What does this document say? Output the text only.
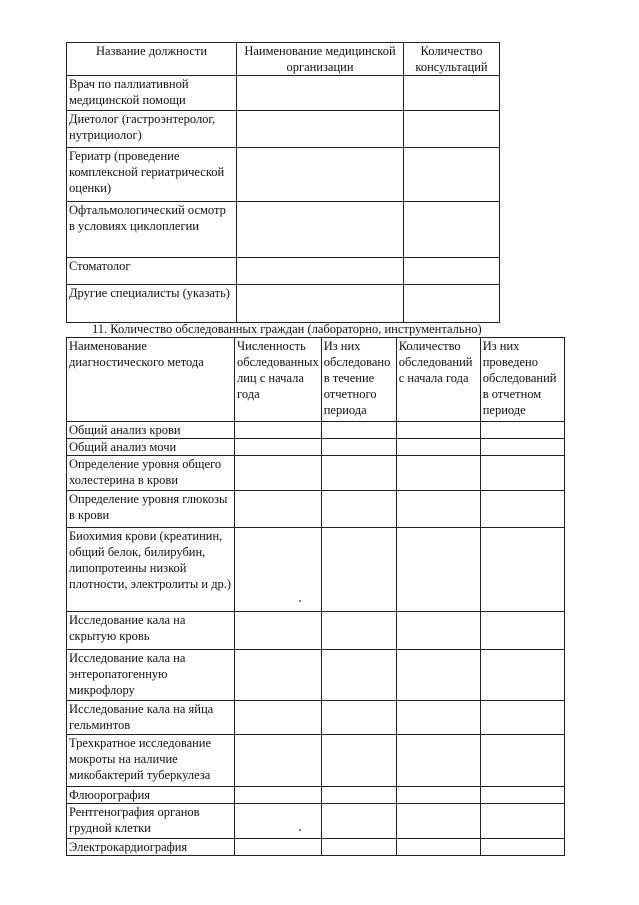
Название должности	Наименование медицинской организации	Количество консультаций
Врач по паллиативной медицинской помощи		
Диетолог (гастроэнтеролог, нутрициолог)		
Гериатр (проведение комплексной гериатрической оценки)		
Офтальмологический осмотр в условиях циклоплегии		
Стоматолог		
Другие специалисты (указать)		
11. Количество обследованных граждан (лабораторно, инструментально)
Наименование диагностического метода	Численность обследованных лиц с начала года	Из них обследовано в течение отчетного периода	Количество обследований с начала года	Из них проведено обследований в отчетном периоде
Общий анализ крови				
Общий анализ мочи				
Определение уровня общего холестерина в крови				
Определение уровня глюкозы в крови				
Биохимия крови (креатинин, общий белок, билирубин, липопротеины низкой плотности, электролиты и др.)				
Исследование кала на скрытую кровь				
Исследование кала на энтеропатогенную микрофлору				
Исследование кала на яйца гельминтов				
Трехкратное исследование мокроты на наличие микобактерий туберкулеза				
Флюорография				
Рентгенография органов грудной клетки				
Электрокардиография				
